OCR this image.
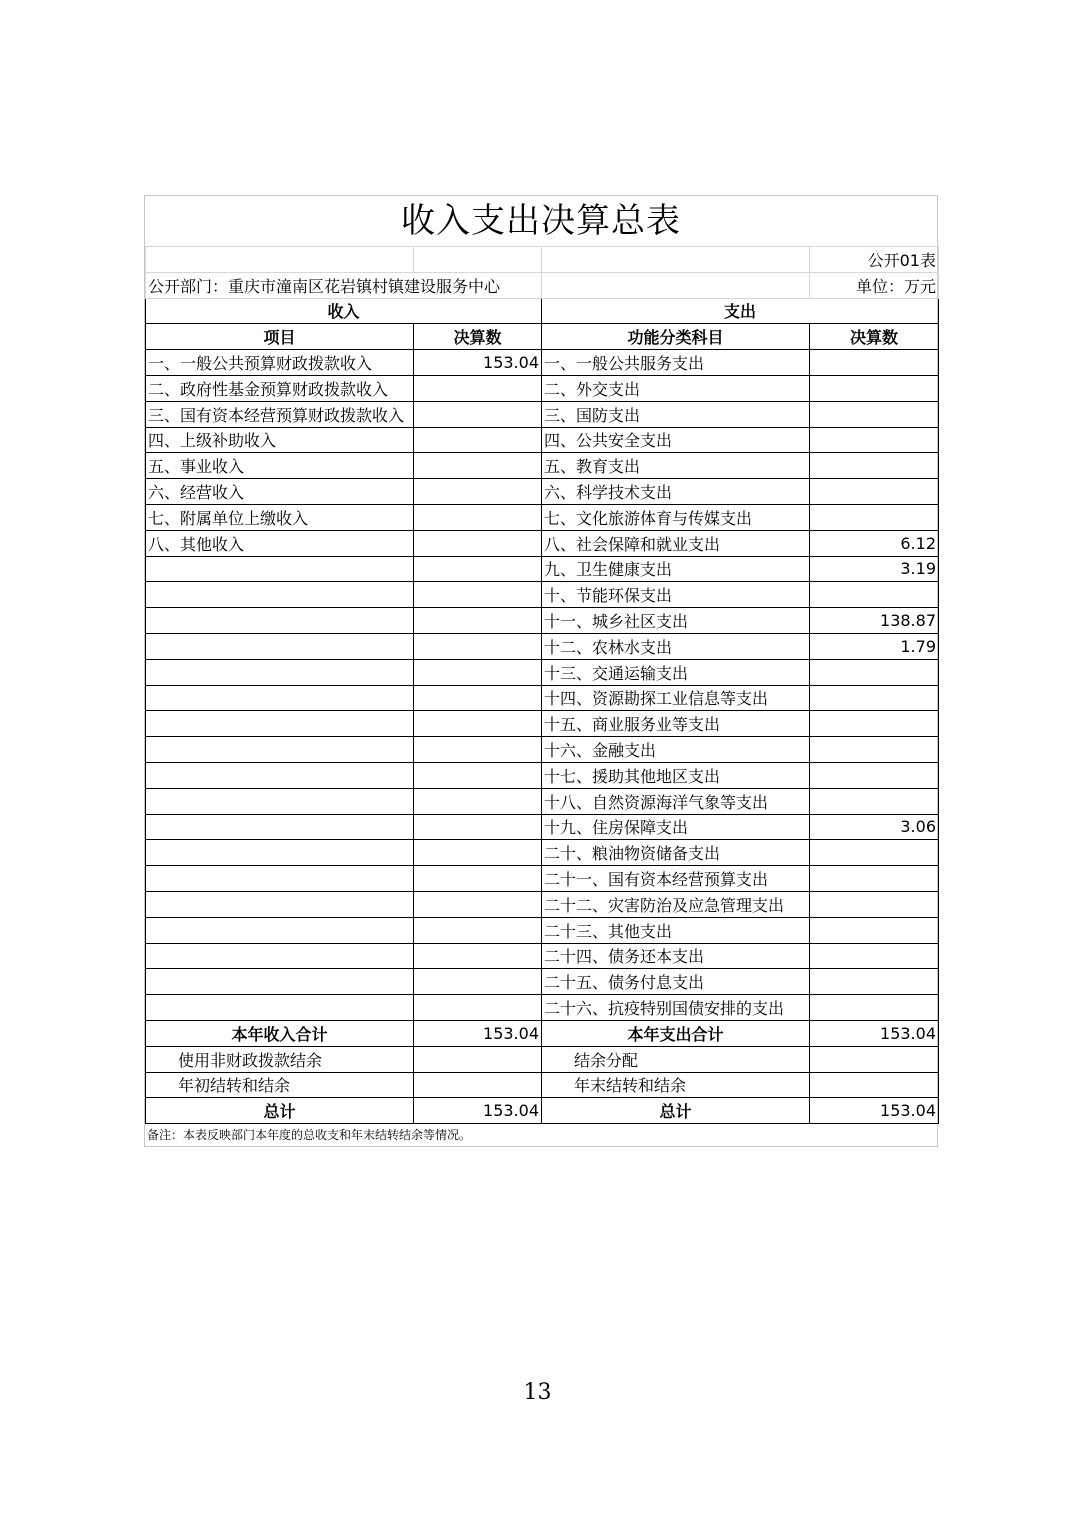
收入支出决算总表
			公开01表
公开部门：重庆市潼南区花岩镇村镇建设服务中心			单位：万元
收入		支出	
项目	决算数	功能分类科目	决算数
一、一般公共预算财政拨款收入	153.04	一、一般公共服务支出	
二、政府性基金预算财政拨款收入		二、外交支出	
三、国有资本经营预算财政拨款收入		三、国防支出	
四、上级补助收入		四、公共安全支出	
五、事业收入		五、教育支出	
六、经营收入		六、科学技术支出	
七、附属单位上缴收入		七、文化旅游体育与传媒支出	
八、其他收入		八、社会保障和就业支出	6.12
		九、卫生健康支出	3.19
		十、节能环保支出	
		十一、城乡社区支出	138.87
		十二、农林水支出	1.79
		十三、交通运输支出	
		十四、资源勘探工业信息等支出	
		十五、商业服务业等支出	
		十六、金融支出	
		十七、援助其他地区支出	
		十八、自然资源海洋气象等支出	
		十九、住房保障支出	3.06
		二十、粮油物资储备支出	
		二十一、国有资本经营预算支出	
		二十二、灾害防治及应急管理支出	
		二十三、其他支出	
		二十四、债务还本支出	
		二十五、债务付息支出	
		二十六、抗疫特别国债安排的支出	
本年收入合计	153.04	本年支出合计	153.04
使用非财政拨款结余		结余分配	
年初结转和结余		年末结转和结余	
总计	153.04	总计	153.04
备注：本表反映部门本年度的总收支和年末结转结余等情况。
13
